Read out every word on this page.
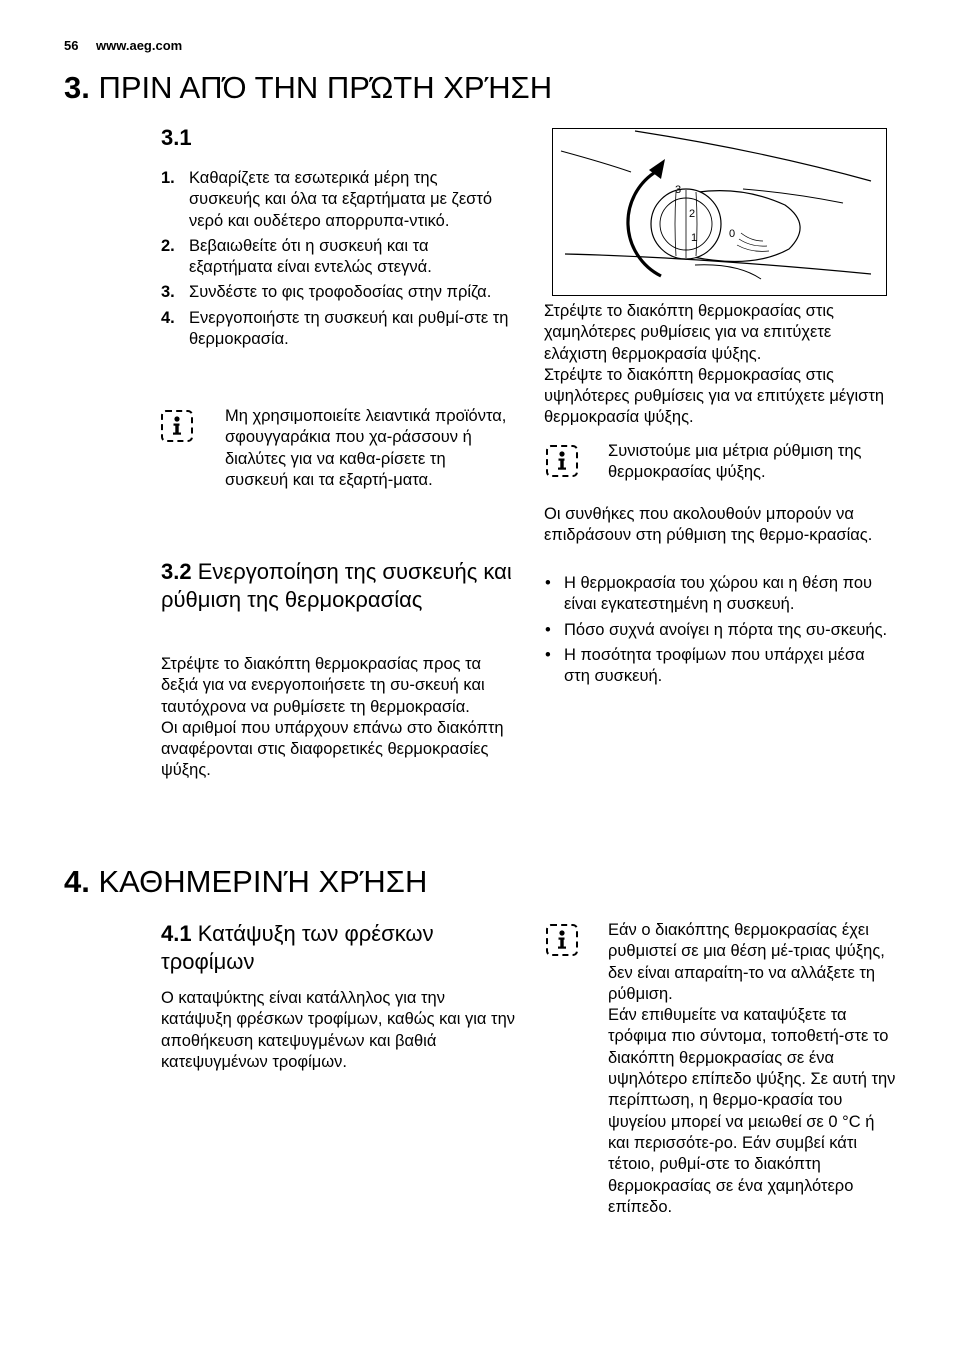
56 www.aeg.com
3. ΠΡΙΝ ΑΠΌ ΤΗΝ ΠΡΏΤΗ ΧΡΉΣΗ
3.1
1. Καθαρίζετε τα εσωτερικά μέρη της συσκευής και όλα τα εξαρτήματα με ζεστό νερό και ουδέτερο απορρυπα-ντικό.
2. Βεβαιωθείτε ότι η συσκευή και τα εξαρτήματα είναι εντελώς στεγνά.
3. Συνδέστε το φις τροφοδοσίας στην πρίζα.
4. Ενεργοποιήστε τη συσκευή και ρυθμί-στε τη θερμοκρασία.
Μη χρησιμοποιείτε λειαντικά προϊόντα, σφουγγαράκια που χα-ράσσουν ή διαλύτες για να καθα-ρίσετε τη συσκευή και τα εξαρτή-ματα.
3.2 Ενεργοποίηση της συσκευής και ρύθμιση της θερμοκρασίας

Στρέψτε το διακόπτη θερμοκρασίας προς τα δεξιά για να ενεργοποιήσετε τη συ-σκευή και ταυτόχρονα να ρυθμίσετε τη θερμοκρασία.

Οι αριθμοί που υπάρχουν επάνω στο διακόπτη αναφέρονται στις διαφορετικές θερμοκρασίες ψύξης.

3
2
1	0

Στρέψτε το διακόπτη θερμοκρασίας στις χαμηλότερες ρυθμίσεις για να επιτύχετε ελάχιστη θερμοκρασία ψύξης.

Στρέψτε το διακόπτη θερμοκρασίας στις υψηλότερες ρυθμίσεις για να επιτύχετε μέγιστη θερμοκρασία ψύξης.

Συνιστούμε μια μέτρια ρύθμιση της θερμοκρασίας ψύξης.
Οι συνθήκες που ακολουθούν μπορούν να επιδράσουν στη ρύθμιση της θερμο-κρασίας.
• Η θερμοκρασία του χώρου και η θέση που είναι εγκατεστημένη η συσκευή.
• Πόσο συχνά ανοίγει η πόρτα της συ-σκευής.
• Η ποσότητα τροφίμων που υπάρχει μέσα στη συσκευή.
4. ΚΑΘΗΜΕΡΙΝΉ ΧΡΉΣΗ
4.1 Κατάψυξη των φρέσκων τροφίμων
Ο καταψύκτης είναι κατάλληλος για την κατάψυξη φρέσκων τροφίμων, καθώς και για την αποθήκευση κατεψυγμένων και βαθιά κατεψυγμένων τροφίμων.

Εάν ο διακόπτης θερμοκρασίας έχει ρυθμιστεί σε μια θέση μέ-τριας ψύξης, δεν είναι απαραίτη-το να αλλάξετε τη ρύθμιση.

Εάν επιθυμείτε να καταψύξετε τα τρόφιμα πιο σύντομα, τοποθετή-στε το διακόπτη θερμοκρασίας σε ένα υψηλότερο επίπεδο ψύξης. Σε αυτή την περίπτωση, η θερμο-κρασία του ψυγείου μπορεί να μειωθεί σε 0 °C ή και περισσότε-ρο. Εάν συμβεί κάτι τέτοιο, ρυθμί-στε το διακόπτη θερμοκρασίας σε ένα χαμηλότερο επίπεδο.
